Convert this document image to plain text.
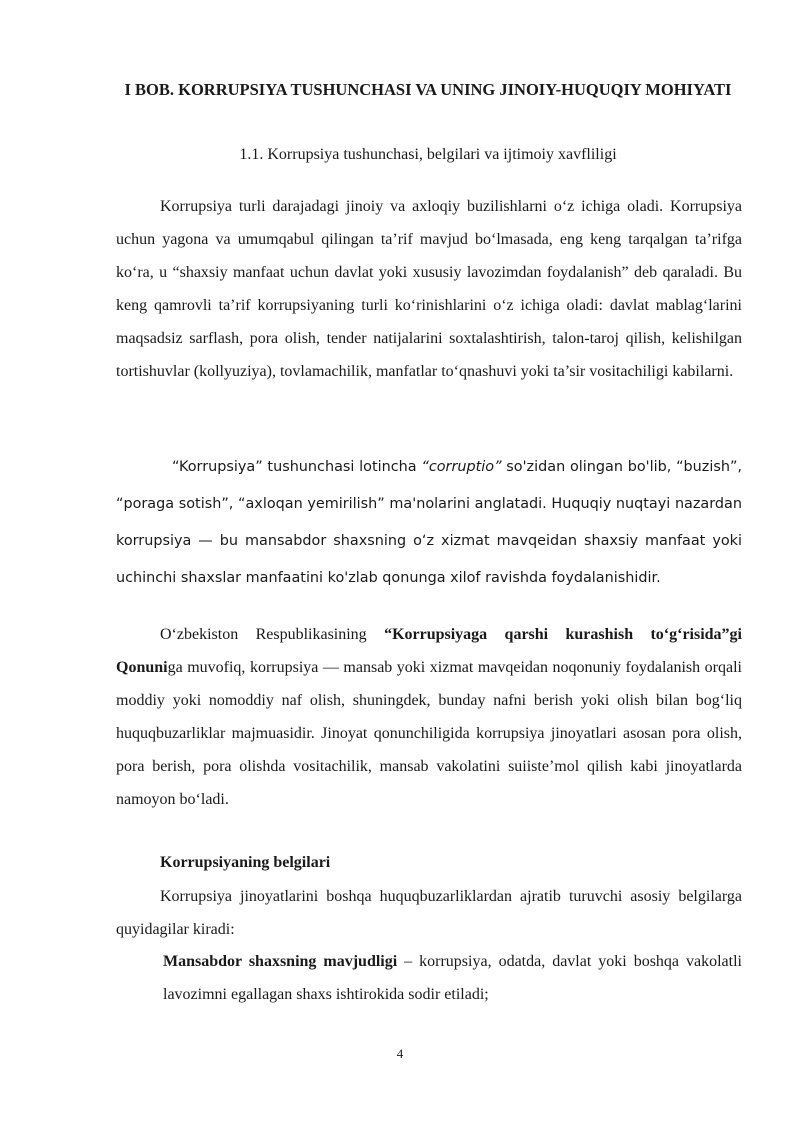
I BOB. KORRUPSIYA TUSHUNCHASI VA UNING JINOIY-HUQUQIY MOHIYATI
1.1. Korrupsiya tushunchasi, belgilari va ijtimoiy xavfliligi

Korrupsiya turli darajadagi jinoiy va axloqiy buzilishlarni o‘z ichiga oladi. Korrupsiya uchun yagona va umumqabul qilingan ta’rif mavjud bo‘lmasada, eng keng tarqalgan ta’rifga ko‘ra, u “shaxsiy manfaat uchun davlat yoki xususiy lavozimdan foydalanish” deb qaraladi. Bu keng qamrovli ta’rif korrupsiyaning turli ko‘rinishlarini o‘z ichiga oladi: davlat mablag‘larini maqsadsiz sarflash, pora olish, tender natijalarini soxtalashtirish, talon-taroj qilish, kelishilgan tortishuvlar (kollyuziya), tovlamachilik, manfatlar to‘qnashuvi yoki ta’sir vositachiligi kabilarni.

“Korrupsiya” tushunchasi lotincha “corruptio” so'zidan olingan bo'lib, “buzish”, “poraga sotish”, “axloqan yemirilish” ma'nolarini anglatadi. Huquqiy nuqtayi nazardan korrupsiya — bu mansabdor shaxsning o‘z xizmat mavqeidan shaxsiy manfaat yoki uchinchi shaxslar manfaatini ko'zlab qonunga xilof ravishda foydalanishidir.

O‘zbekiston Respublikasining “Korrupsiyaga qarshi kurashish to‘g‘risida”gi Qonuniga muvofiq, korrupsiya — mansab yoki xizmat mavqeidan noqonuniy foydalanish orqali moddiy yoki nomoddiy naf olish, shuningdek, bunday nafni berish yoki olish bilan bog‘liq huquqbuzarliklar majmuasidir. Jinoyat qonunchiligida korrupsiya jinoyatlari asosan pora olish, pora berish, pora olishda vositachilik, mansab vakolatini suiiste’mol qilish kabi jinoyatlarda namoyon bo‘ladi.

Korrupsiyaning belgilari

Korrupsiya jinoyatlarini boshqa huquqbuzarliklardan ajratib turuvchi asosiy belgilarga quyidagilar kiradi:

Mansabdor shaxsning mavjudligi – korrupsiya, odatda, davlat yoki boshqa vakolatli lavozimni egallagan shaxs ishtirokida sodir etiladi;

4
